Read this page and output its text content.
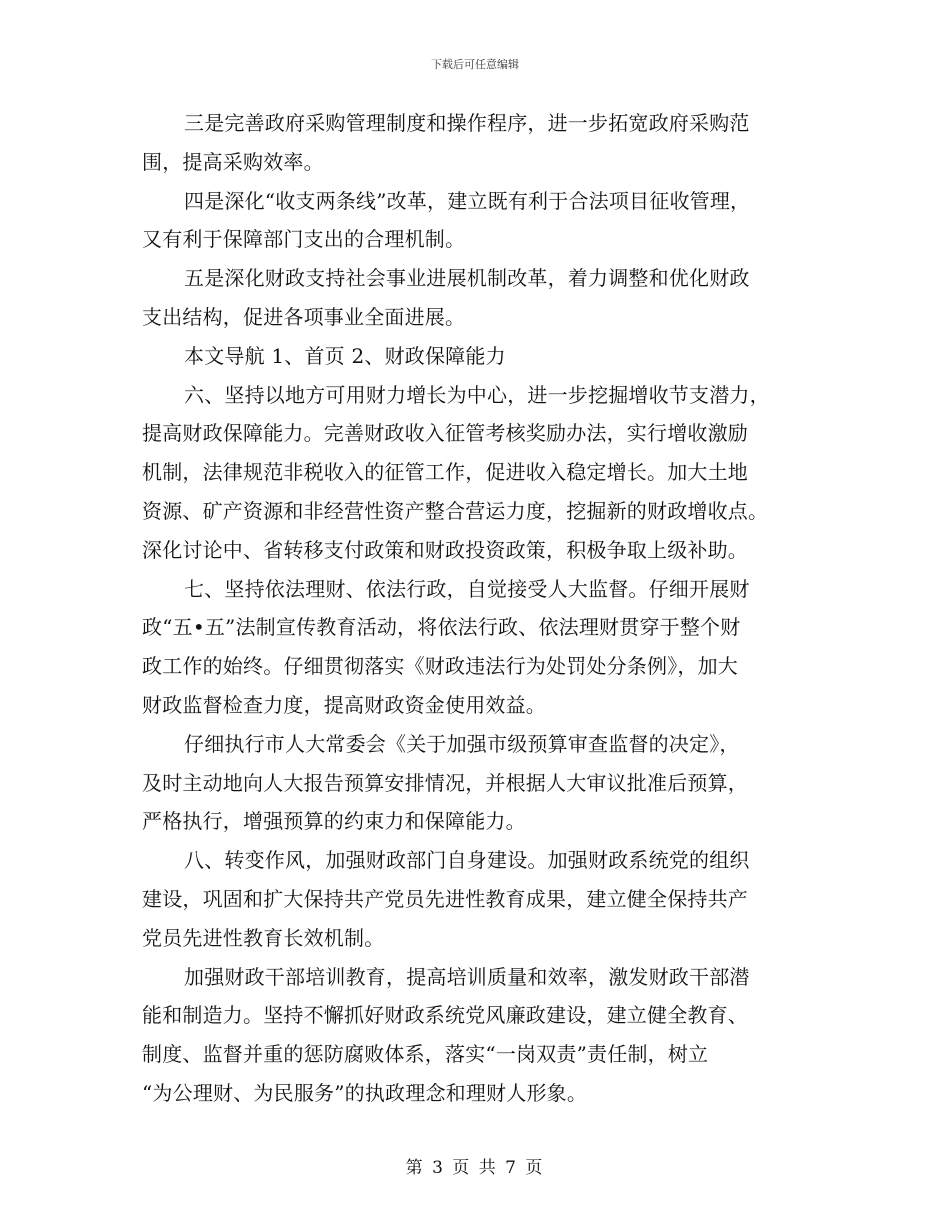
下载后可任意编辑
三是完善政府采购管理制度和操作程序，进一步拓宽政府采购范
围，提高采购效率。
四是深化“收支两条线”改革，建立既有利于合法项目征收管理，
又有利于保障部门支出的合理机制。
五是深化财政支持社会事业进展机制改革，着力调整和优化财政
支出结构，促进各项事业全面进展。
本文导航 1、首页 2、财政保障能力
六、坚持以地方可用财力增长为中心，进一步挖掘增收节支潜力，
提高财政保障能力。完善财政收入征管考核奖励办法，实行增收激励
机制，法律规范非税收入的征管工作，促进收入稳定增长。加大土地
资源、矿产资源和非经营性资产整合营运力度，挖掘新的财政增收点。
深化讨论中、省转移支付政策和财政投资政策，积极争取上级补助。
七、坚持依法理财、依法行政，自觉接受人大监督。仔细开展财
政“五•五”法制宣传教育活动，将依法行政、依法理财贯穿于整个财
政工作的始终。仔细贯彻落实《财政违法行为处罚处分条例》，加大
财政监督检查力度，提高财政资金使用效益。
仔细执行市人大常委会《关于加强市级预算审查监督的决定》，
及时主动地向人大报告预算安排情况，并根据人大审议批准后预算，
严格执行，增强预算的约束力和保障能力。
八、转变作风，加强财政部门自身建设。加强财政系统党的组织
建设，巩固和扩大保持共产党员先进性教育成果，建立健全保持共产
党员先进性教育长效机制。
加强财政干部培训教育，提高培训质量和效率，激发财政干部潜
能和制造力。坚持不懈抓好财政系统党风廉政建设，建立健全教育、
制度、监督并重的惩防腐败体系，落实“一岗双责”责任制，树立
“为公理财、为民服务”的执政理念和理财人形象。
第 3 页 共 7 页
